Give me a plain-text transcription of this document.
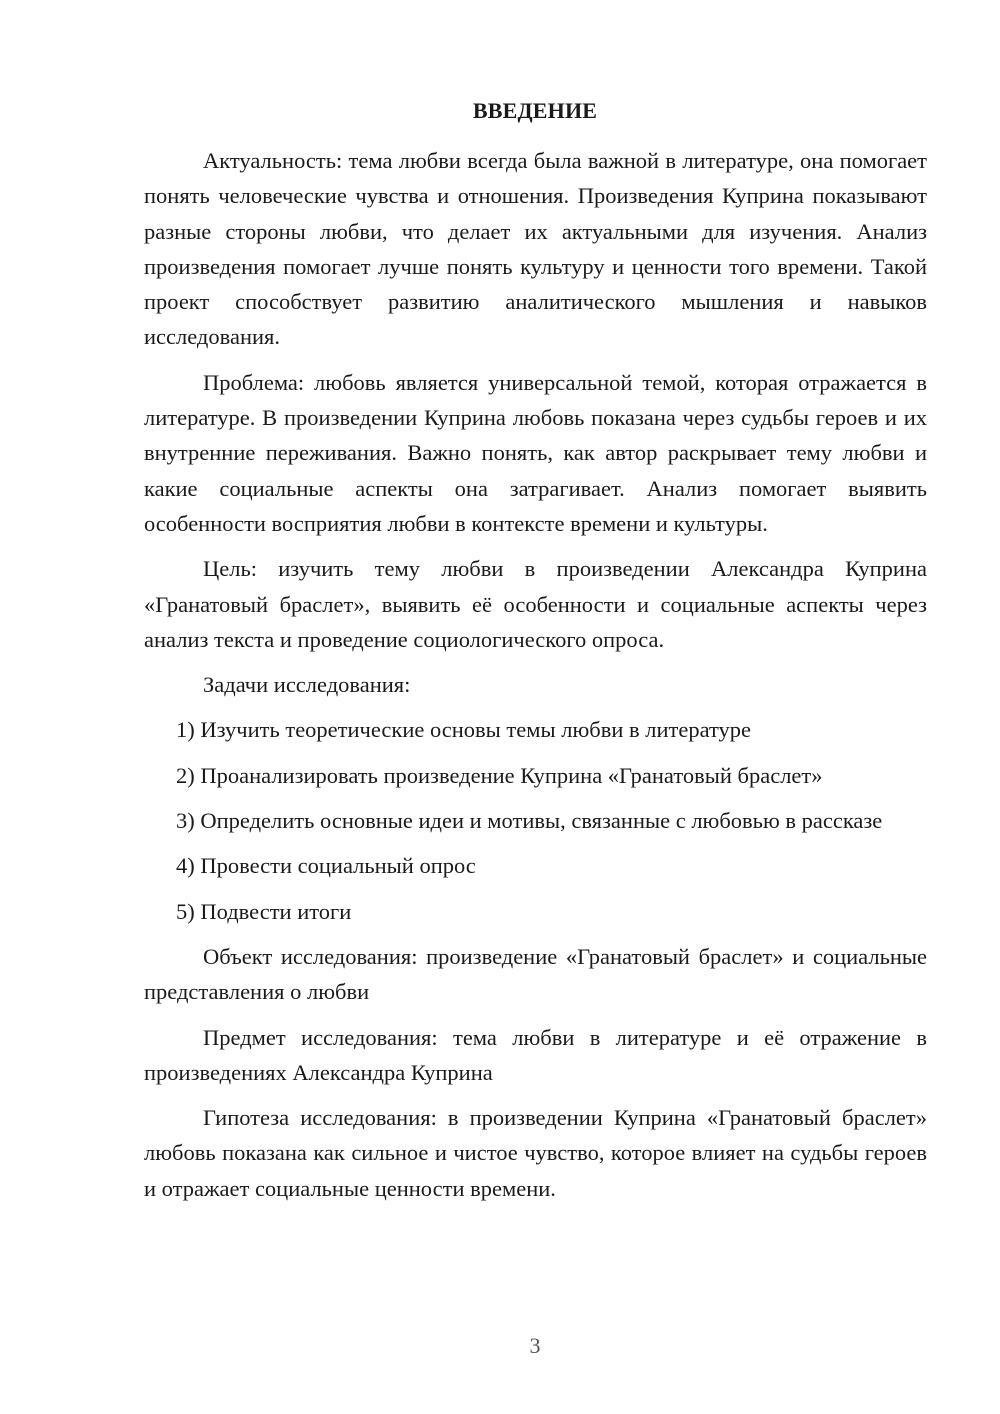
ВВЕДЕНИЕ

Актуальность: тема любви всегда была важной в литературе, она помогает понять человеческие чувства и отношения. Произведения Куприна показывают разные стороны любви, что делает их актуальными для изучения. Анализ произведения помогает лучше понять культуру и ценности того времени. Такой проект способствует развитию аналитического мышления и навыков исследования.

Проблема: любовь является универсальной темой, которая отражается в литературе. В произведении Куприна любовь показана через судьбы героев и их внутренние переживания. Важно понять, как автор раскрывает тему любви и какие социальные аспекты она затрагивает. Анализ помогает выявить особенности восприятия любви в контексте времени и культуры.

Цель: изучить тему любви в произведении Александра Куприна «Гранатовый браслет», выявить её особенности и социальные аспекты через анализ текста и проведение социологического опроса.

Задачи исследования:

1) Изучить теоретические основы темы любви в литературе

2) Проанализировать произведение Куприна «Гранатовый браслет»

3) Определить основные идеи и мотивы, связанные с любовью в рассказе

4) Провести социальный опрос

5) Подвести итоги

Объект исследования: произведение «Гранатовый браслет» и социальные представления о любви

Предмет исследования: тема любви в литературе и её отражение в произведениях Александра Куприна

Гипотеза исследования: в произведении Куприна «Гранатовый браслет» любовь показана как сильное и чистое чувство, которое влияет на судьбы героев и отражает социальные ценности времени.

3
